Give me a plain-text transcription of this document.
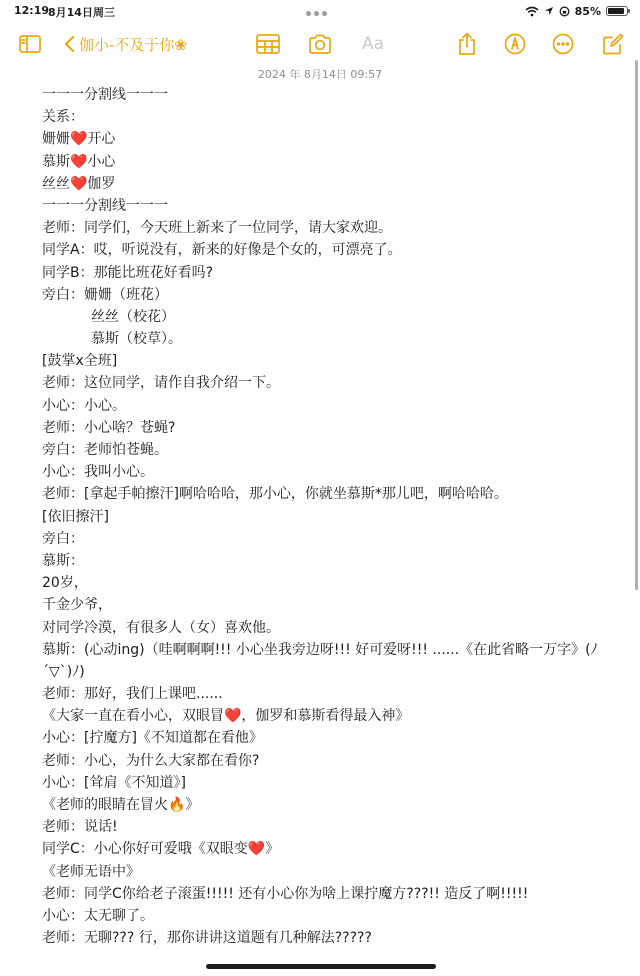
12:19
8月14日周三	85%
伽小-不及于你❀	Aa
2024 年 8月14日 09:57
一一一分割线一一一
关系：
姗姗❤️开心
慕斯❤️小心
丝丝❤️伽罗
一一一分割线一一一
老师：同学们，今天班上新来了一位同学，请大家欢迎。
同学A：哎，听说没有，新来的好像是个女的，可漂亮了。
同学B：那能比班花好看吗?
旁白：姗姗（班花）
丝丝（校花）
慕斯（校草）。
[鼓掌x全班]
老师：这位同学，请作自我介绍一下。
小心：小心。
老师：小心啥？苍蝇?
旁白：老师怕苍蝇。
小心：我叫小心。
老师：[拿起手帕擦汗]啊哈哈哈，那小心，你就坐慕斯*那儿吧，啊哈哈哈。
[依旧擦汗]
旁白：
慕斯：
20岁，
千金少爷，
对同学冷漠，有很多人（女）喜欢他。
慕斯：(心动ing)（哇啊啊啊!!! 小心坐我旁边呀!!! 好可爱呀!!! ......《在此省略一万字》(ﾉ´▽`)ﾉ)
老师：那好，我们上课吧......
《大家一直在看小心，双眼冒❤️，伽罗和慕斯看得最入神》
小心：[拧魔方]《不知道都在看他》
老师：小心，为什么大家都在看你?
小心：[耸肩《不知道》]
《老师的眼睛在冒火🔥》
老师：说话!
同学C：小心你好可爱哦《双眼变❤️》
《老师无语中》
老师：同学C你给老子滚蛋!!!!! 还有小心你为啥上课拧魔方???!! 造反了啊!!!!!
小心：太无聊了。
老师：无聊??? 行，那你讲讲这道题有几种解法?????
